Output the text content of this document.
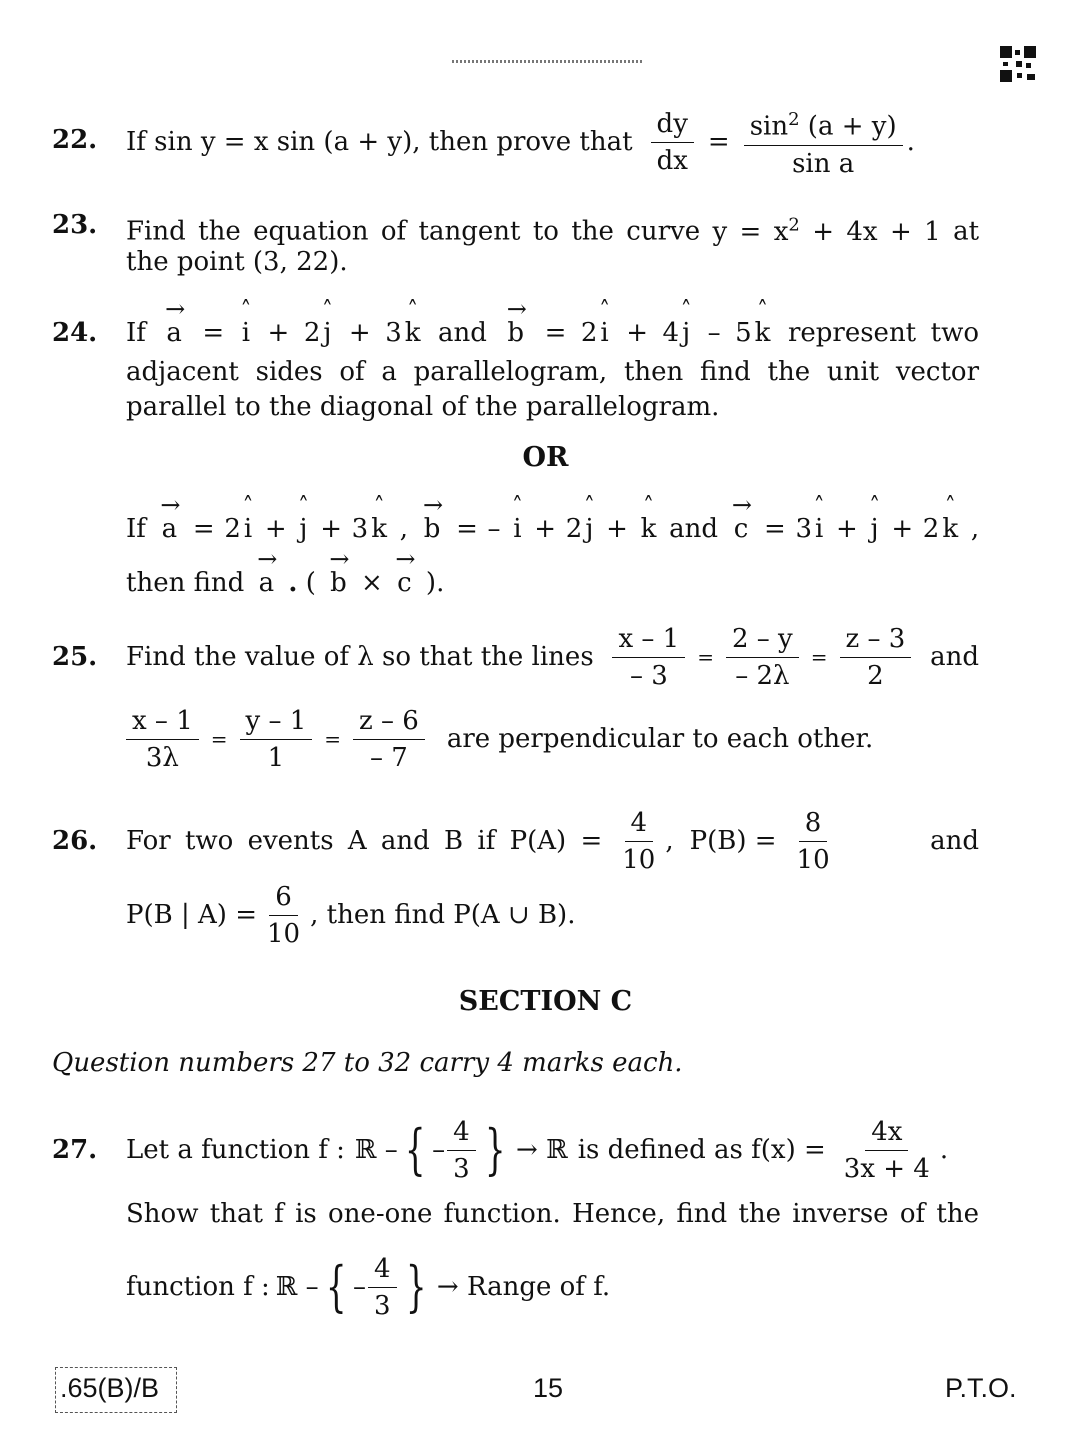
22. If sin y = x sin (a + y), then prove that $\frac{dy}{dx} = \frac{\sin^2 (a + y)}{\text{sin a}}$ .
23. Find the equation of tangent to the curve $y = x^2 + 4x + 1$ at
the point (3, 22).
24. If → a = ˄ i + 2 ˄ j + 3 ˄ k and → b = 2 ˄ i + 4 ˄ j – 5 ˄ k represent two
adjacent sides of a parallelogram, then find the unit vector
parallel to the diagonal of the parallelogram.
OR
If → a = 2 ˄ i + ˄ j + 3 ˄ k , → b = – ˄ i + 2 ˄ j + ˄ k and → c = 3 ˄ i + ˄ j + 2 ˄ k ,
then find → a . ( → b × → c ).
25. Find the value of λ so that the lines $\frac{x - 1}{- 3} = \frac{2 - y}{- 2\lambda} = \frac{z - 3}{2}$ and
$\frac{x - 1}{3\lambda} = \frac{y - 1}{1} = \frac{z - 6}{- 7}$ are perpendicular to each other.
26. For two events A and B if $P(A) = \frac{4}{10}$ , $P(B) = \frac{8}{10}$	and
P(B | $A) = \frac{6}{10}$ , then find P(A ∪ B).
SECTION C
Question numbers 27 to 32 carry 4 marks each.
27. Let a function f : ℝ – { – $\frac{4}{3}$ } → ℝ is defined as $f(x) = \frac{4x}{3x + 4}$ .
Show that f is one-one function. Hence, find the inverse of the
function f : ℝ – { – $\frac{4}{3}$ } → Range of f.
.65(B)/B	15	P.T.O.
